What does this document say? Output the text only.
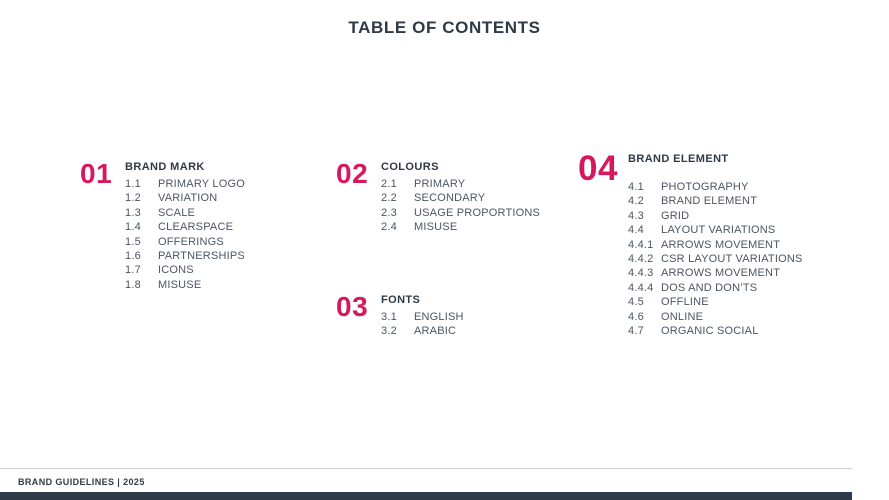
TABLE OF CONTENTS
01	BRAND MARK
1.1	PRIMARY LOGO
1.2	VARIATION
1.3	SCALE
1.4	CLEARSPACE
1.5	OFFERINGS
1.6	PARTNERSHIPS
1.7	ICONS
1.8	MISUSE
02	COLOURS
2.1	PRIMARY
2.2	SECONDARY
2.3	USAGE PROPORTIONS
2.4	MISUSE
03	FONTS
3.1	ENGLISH
3.2	ARABIC
04 BRAND ELEMENT
4.1	PHOTOGRAPHY
4.2	BRAND ELEMENT
4.3	GRID
4.4	LAYOUT VARIATIONS
4.4.1 ARROWS MOVEMENT
4.4.2 CSR LAYOUT VARIATIONS
4.4.3 ARROWS MOVEMENT
4.4.4 DOS AND DON’TS
4.5	OFFLINE
4.6	ONLINE
4.7	ORGANIC SOCIAL
BRAND GUIDELINES | 2025
